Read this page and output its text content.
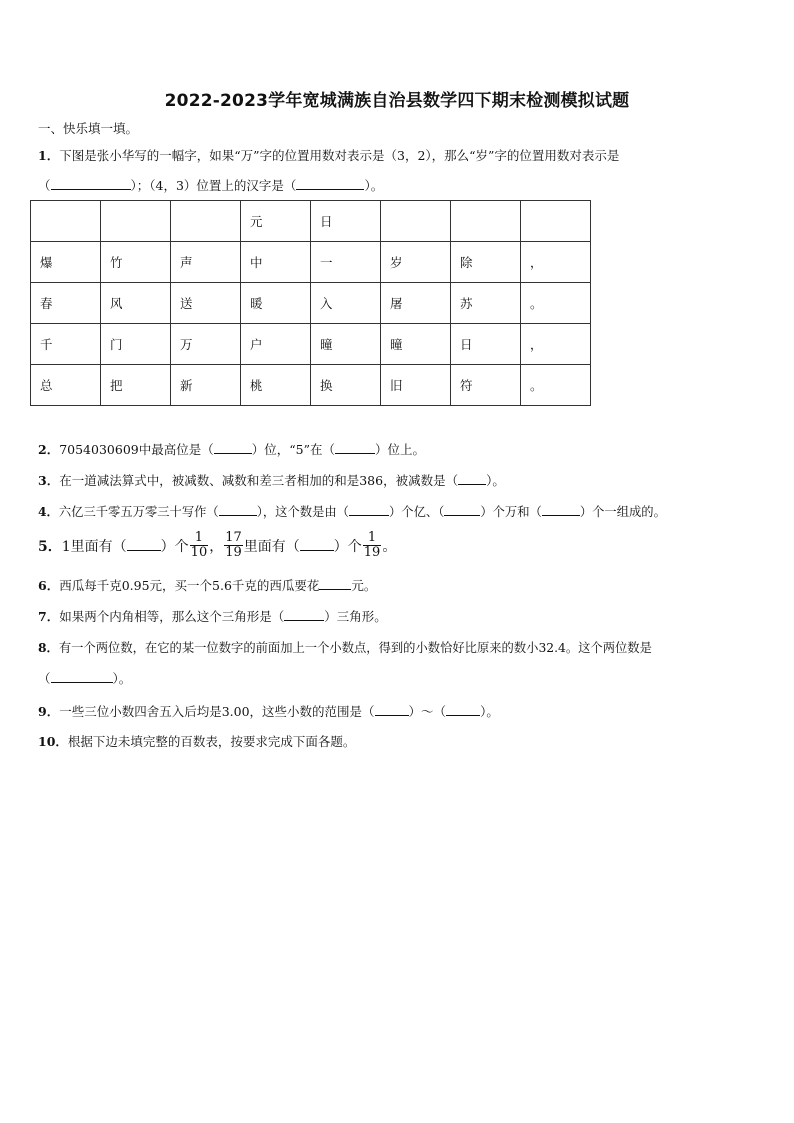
2022-2023学年宽城满族自治县数学四下期末检测模拟试题
一、快乐填一填。
1．下图是张小华写的一幅字，如果“万”字的位置用数对表示是（3，2），那么“岁”字的位置用数对表示是
（	）；（4，3）位置上的汉字是（	）。
			元	日			
爆	竹	声	中	一	岁	除	，
春	风	送	暖	入	屠	苏	。
千	门	万	户	曈	曈	日	，
总	把	新	桃	换	旧	符	。
2．7054030609中最高位是（	）位，“5”在（	）位上。
3．在一道减法算式中，被减数、减数和差三者相加的和是386，被减数是（ ）。
4．六亿三千零五万零三十写作（	），这个数是由（	）个亿、（	）个万和（	）个一组成的。
5．1里面有（ ）个 $\frac{1}{10}$ ， $\frac{17}{19}$ 里面有（ ）个 $\frac{1}{19}$ 。
6．西瓜每千克0.95元，买一个5.6千克的西瓜要花	元。
7．如果两个内角相等，那么这个三角形是（	）三角形。
8．有一个两位数，在它的某一位数字的前面加上一个小数点，得到的小数恰好比原来的数小32.4。这个两位数是
（	）。
9．一些三位小数四舍五入后均是3.00，这些小数的范围是（	）～（	）。
10．根据下边未填完整的百数表，按要求完成下面各题。
